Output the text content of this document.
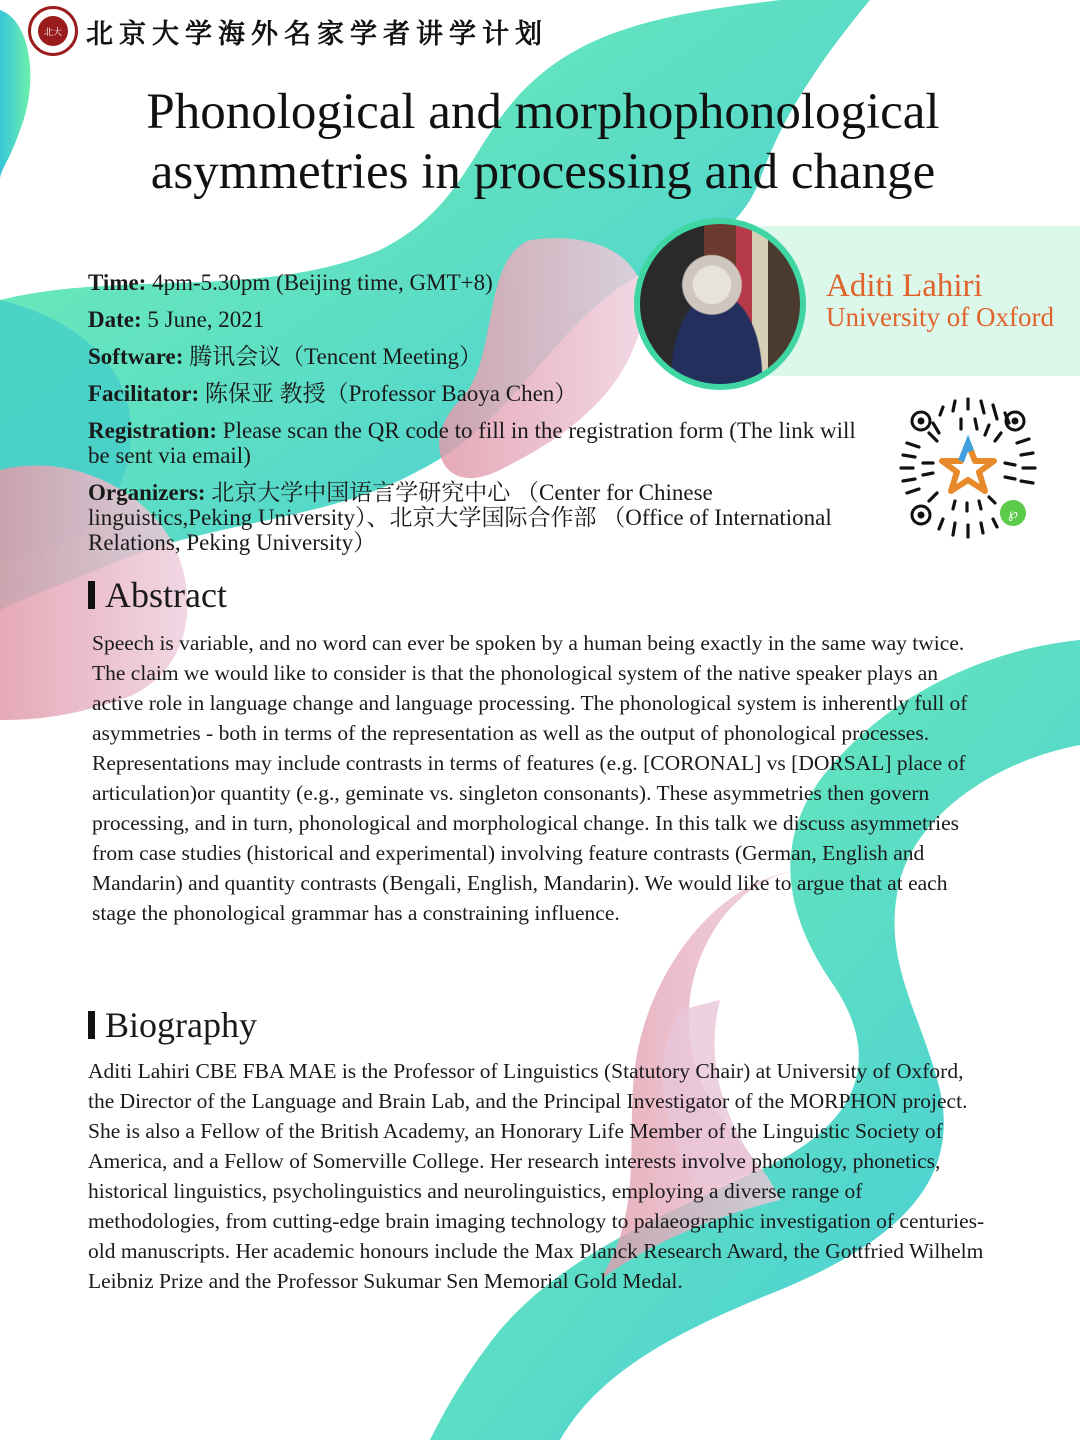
北大 北京大学海外名家学者讲学计划
Phonological and morphophonological
asymmetries in processing and change
Aditi Lahiri
University of Oxford

Time: 4pm-5.30pm (Beijing time, GMT+8)

Date: 5 June, 2021

Software: 腾讯会议（Tencent Meeting）

Facilitator: 陈保亚 教授（Professor Baoya Chen）

Registration: Please scan the QR code to fill in the registration form (The link will be sent via email)

Organizers: 北京大学中国语言学研究中心 （Center for Chinese linguistics,Peking University）、北京大学国际合作部 （Office of International Relations, Peking University）

℘
Abstract
Speech is variable, and no word can ever be spoken by a human being exactly in the same way twice. The claim we would like to consider is that the phonological system of the native speaker plays an active role in language change and language processing. The phonological system is inherently full of asymmetries - both in terms of the representation as well as the output of phonological processes. Representations may include contrasts in terms of features (e.g. [CORONAL] vs [DORSAL] place of articulation)or quantity (e.g., geminate vs. singleton consonants). These asymmetries then govern processing, and in turn, phonological and morphological change. In this talk we discuss asymmetries from case studies (historical and experimental) involving feature contrasts (German, English and Mandarin) and quantity contrasts (Bengali, English, Mandarin). We would like to argue that at each stage the phonological grammar has a constraining influence.
Biography
Aditi Lahiri CBE FBA MAE is the Professor of Linguistics (Statutory Chair) at University of Oxford, the Director of the Language and Brain Lab, and the Principal Investigator of the MORPHON project. She is also a Fellow of the British Academy, an Honorary Life Member of the Linguistic Society of America, and a Fellow of Somerville College. Her research interests involve phonology, phonetics, historical linguistics, psycholinguistics and neurolinguistics, employing a diverse range of methodologies, from cutting-edge brain imaging technology to palaeographic investigation of centuries-old manuscripts. Her academic honours include the Max Planck Research Award, the Gottfried Wilhelm Leibniz Prize and the Professor Sukumar Sen Memorial Gold Medal.
